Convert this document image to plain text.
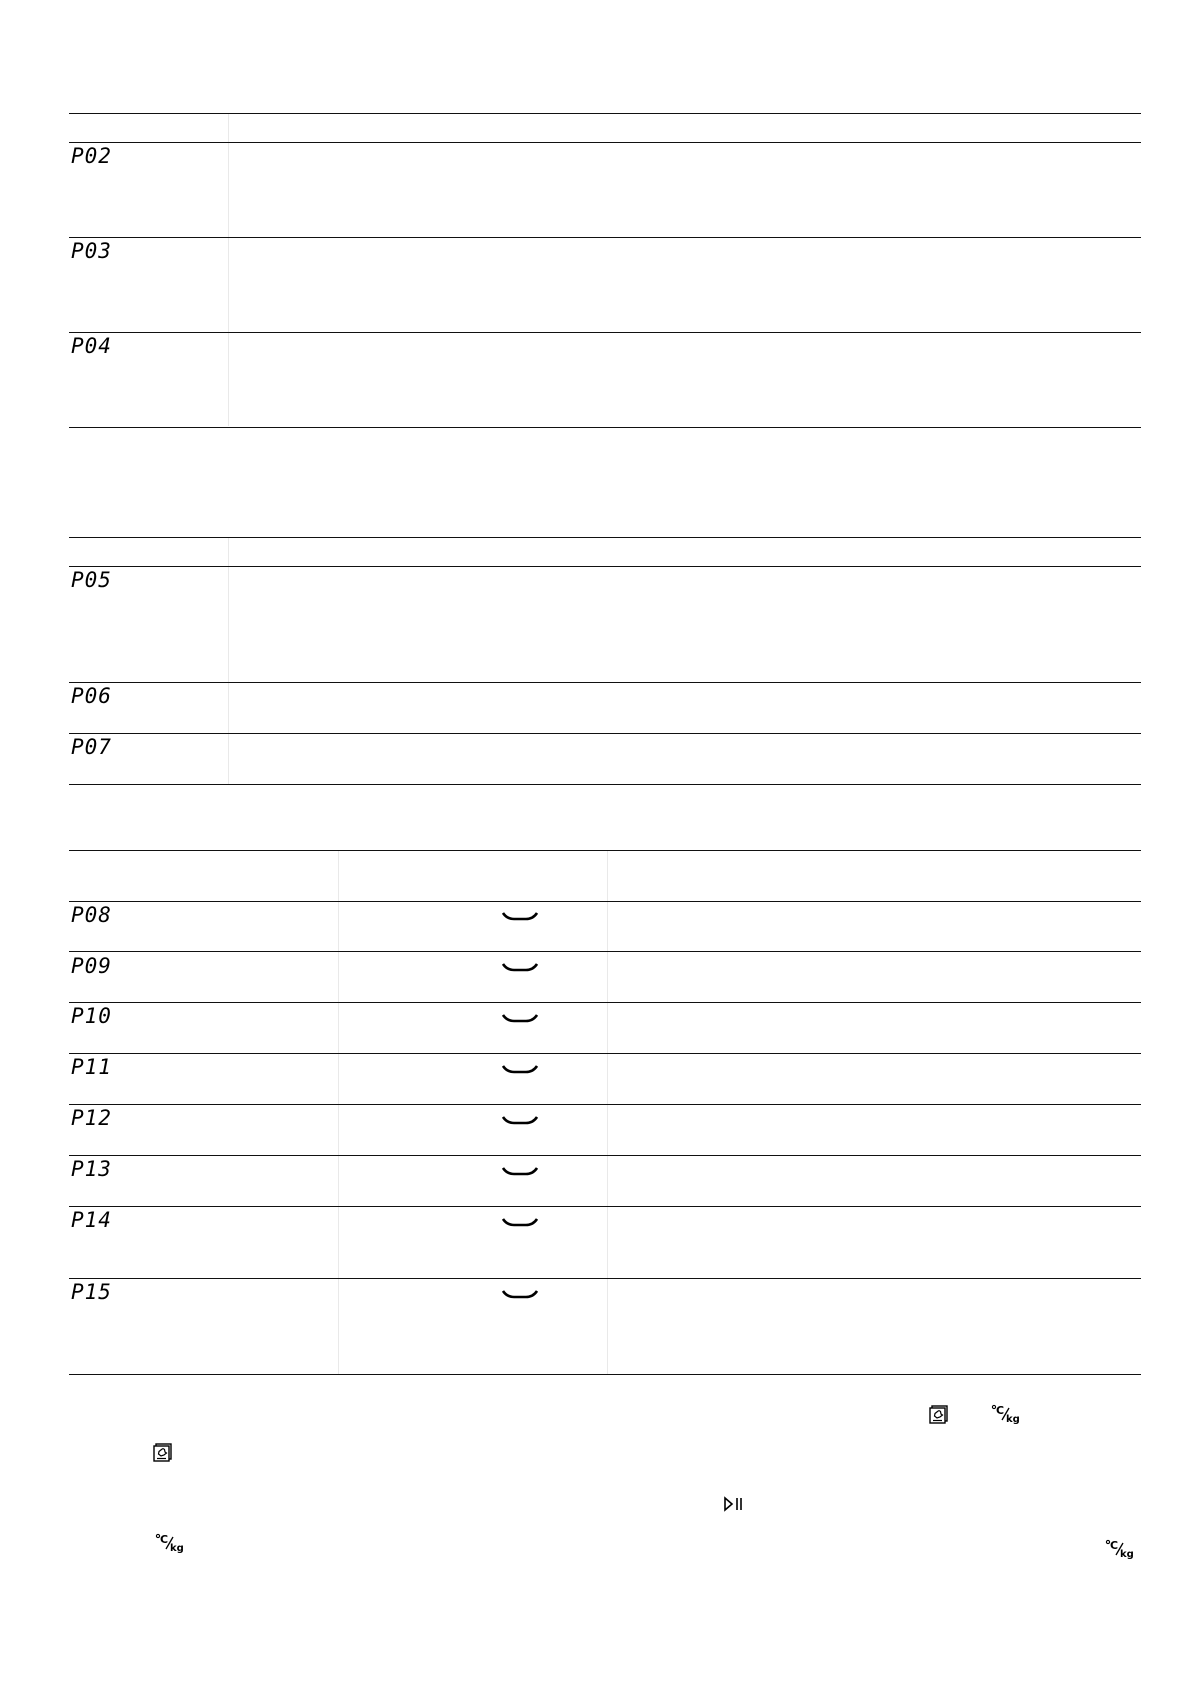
P02
P03
P04
P05
P06
P07
P08
P09
P10
P11
P12
P13
P14
P15
C
kg
C
kg	C
kg
